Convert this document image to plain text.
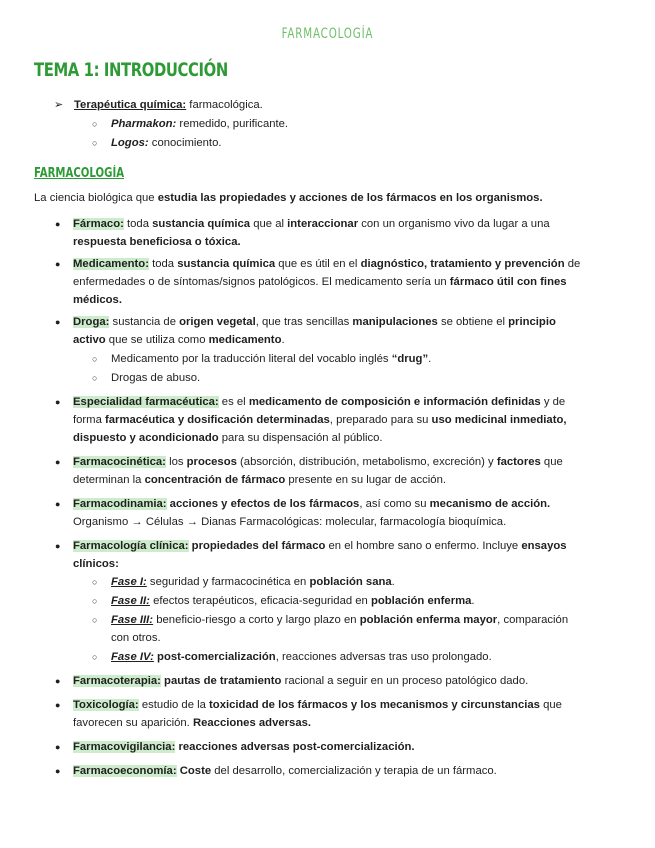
FARMACOLOGÍA
TEMA 1: INTRODUCCIÓN
➢ Terapéutica química: farmacológica.
○ Pharmakon: remedido, purificante.
○ Logos: conocimiento.
FARMACOLOGÍA
La ciencia biológica que estudia las propiedades y acciones de los fármacos en los organismos.
● Fármaco: toda sustancia química que al interaccionar con un organismo vivo da lugar a una
respuesta beneficiosa o tóxica.
● Medicamento: toda sustancia química que es útil en el diagnóstico, tratamiento y prevención de
enfermedades o de síntomas/signos patológicos. El medicamento sería un fármaco útil con fines
médicos.
● Droga: sustancia de origen vegetal, que tras sencillas manipulaciones se obtiene el principio
activo que se utiliza como medicamento.
○ Medicamento por la traducción literal del vocablo inglés “drug”.
○ Drogas de abuso.
● Especialidad farmacéutica: es el medicamento de composición e información definidas y de
forma farmacéutica y dosificación determinadas, preparado para su uso medicinal inmediato,
dispuesto y acondicionado para su dispensación al público.
● Farmacocinética: los procesos (absorción, distribución, metabolismo, excreción) y factores que
determinan la concentración de fármaco presente en su lugar de acción.
● Farmacodinamia: acciones y efectos de los fármacos, así como su mecanismo de acción.
Organismo → Células → Dianas Farmacológicas: molecular, farmacología bioquímica.
● Farmacología clínica: propiedades del fármaco en el hombre sano o enfermo. Incluye ensayos
clínicos:
○ Fase I: seguridad y farmacocinética en población sana.
○ Fase II: efectos terapéuticos, eficacia-seguridad en población enferma.
○ Fase III: beneficio-riesgo a corto y largo plazo en población enferma mayor, comparación
con otros.
○ Fase IV: post-comercialización, reacciones adversas tras uso prolongado.
● Farmacoterapia: pautas de tratamiento racional a seguir en un proceso patológico dado.
● Toxicología: estudio de la toxicidad de los fármacos y los mecanismos y circunstancias que
favorecen su aparición. Reacciones adversas.
● Farmacovigilancia: reacciones adversas post-comercialización.
● Farmacoeconomía: Coste del desarrollo, comercialización y terapia de un fármaco.
